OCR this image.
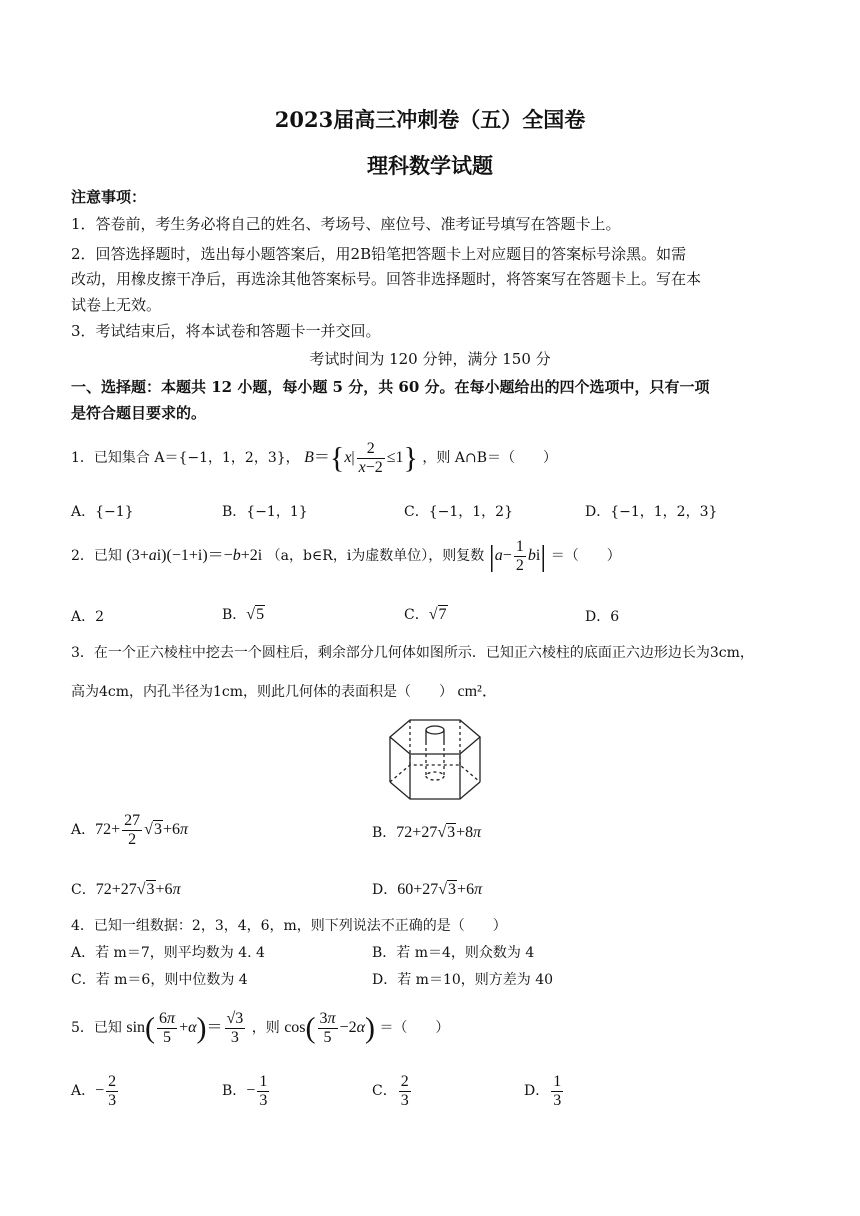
2023届高三冲刺卷（五）全国卷
理科数学试题
注意事项：
1．答卷前，考生务必将自己的姓名、考场号、座位号、准考证号填写在答题卡上。
2．回答选择题时，选出每小题答案后，用2B铅笔把答题卡上对应题目的答案标号涂黑。如需
改动，用橡皮擦干净后，再选涂其他答案标号。回答非选择题时，将答案写在答题卡上。写在本
试卷上无效。
3．考试结束后，将本试卷和答题卡一并交回。
考试时间为 120 分钟，满分 150 分
一、选择题：本题共 12 小题，每小题 5 分，共 60 分。在每小题给出的四个选项中，只有一项
是符合题目要求的。
1．已知集合 A＝{−1，1，2，3}， $B=\{x| \frac{2}{x-2} \le 1\}$ ，则 A∩B＝（　　）
A．{−1}	B．{−1，1}	C．{−1，1，2}	D．{−1，1，2，3}
2．已知 (3+ai)(−1+i)＝−b+2i （a，b∈R，i为虚数单位），则复数 $|a- \frac{1}{2} bi|$ ＝（　　）
A．2	B．√5	C．√7	D．6
3．在一个正六棱柱中挖去一个圆柱后，剩余部分几何体如图所示．已知正六棱柱的底面正六边形边长为3cm，
高为4cm，内孔半径为1cm，则此几何体的表面积是（　　） cm²．
A．$72+ \frac{27}{2} √3+6\pi$	B．72+27√3+8π
C．72+27√3+6π	D．60+27√3+6π
4．已知一组数据：2，3，4，6，m，则下列说法不正确的是（　　）
A．若 m＝7，则平均数为 4. 4	B．若 m＝4，则众数为 4
C．若 m＝6，则中位数为 4	D．若 m＝10，则方差为 40
5．已知 $\sin( \frac{6\pi}{5} +\alpha)= \frac{√3}{3}$ ，则 $\cos( \frac{3\pi}{5} -2\alpha)$ ＝（　　）
A．− $\frac{2}{3}$	B．− $\frac{1}{3}$	C． $\frac{2}{3}$	D． $\frac{1}{3}$
